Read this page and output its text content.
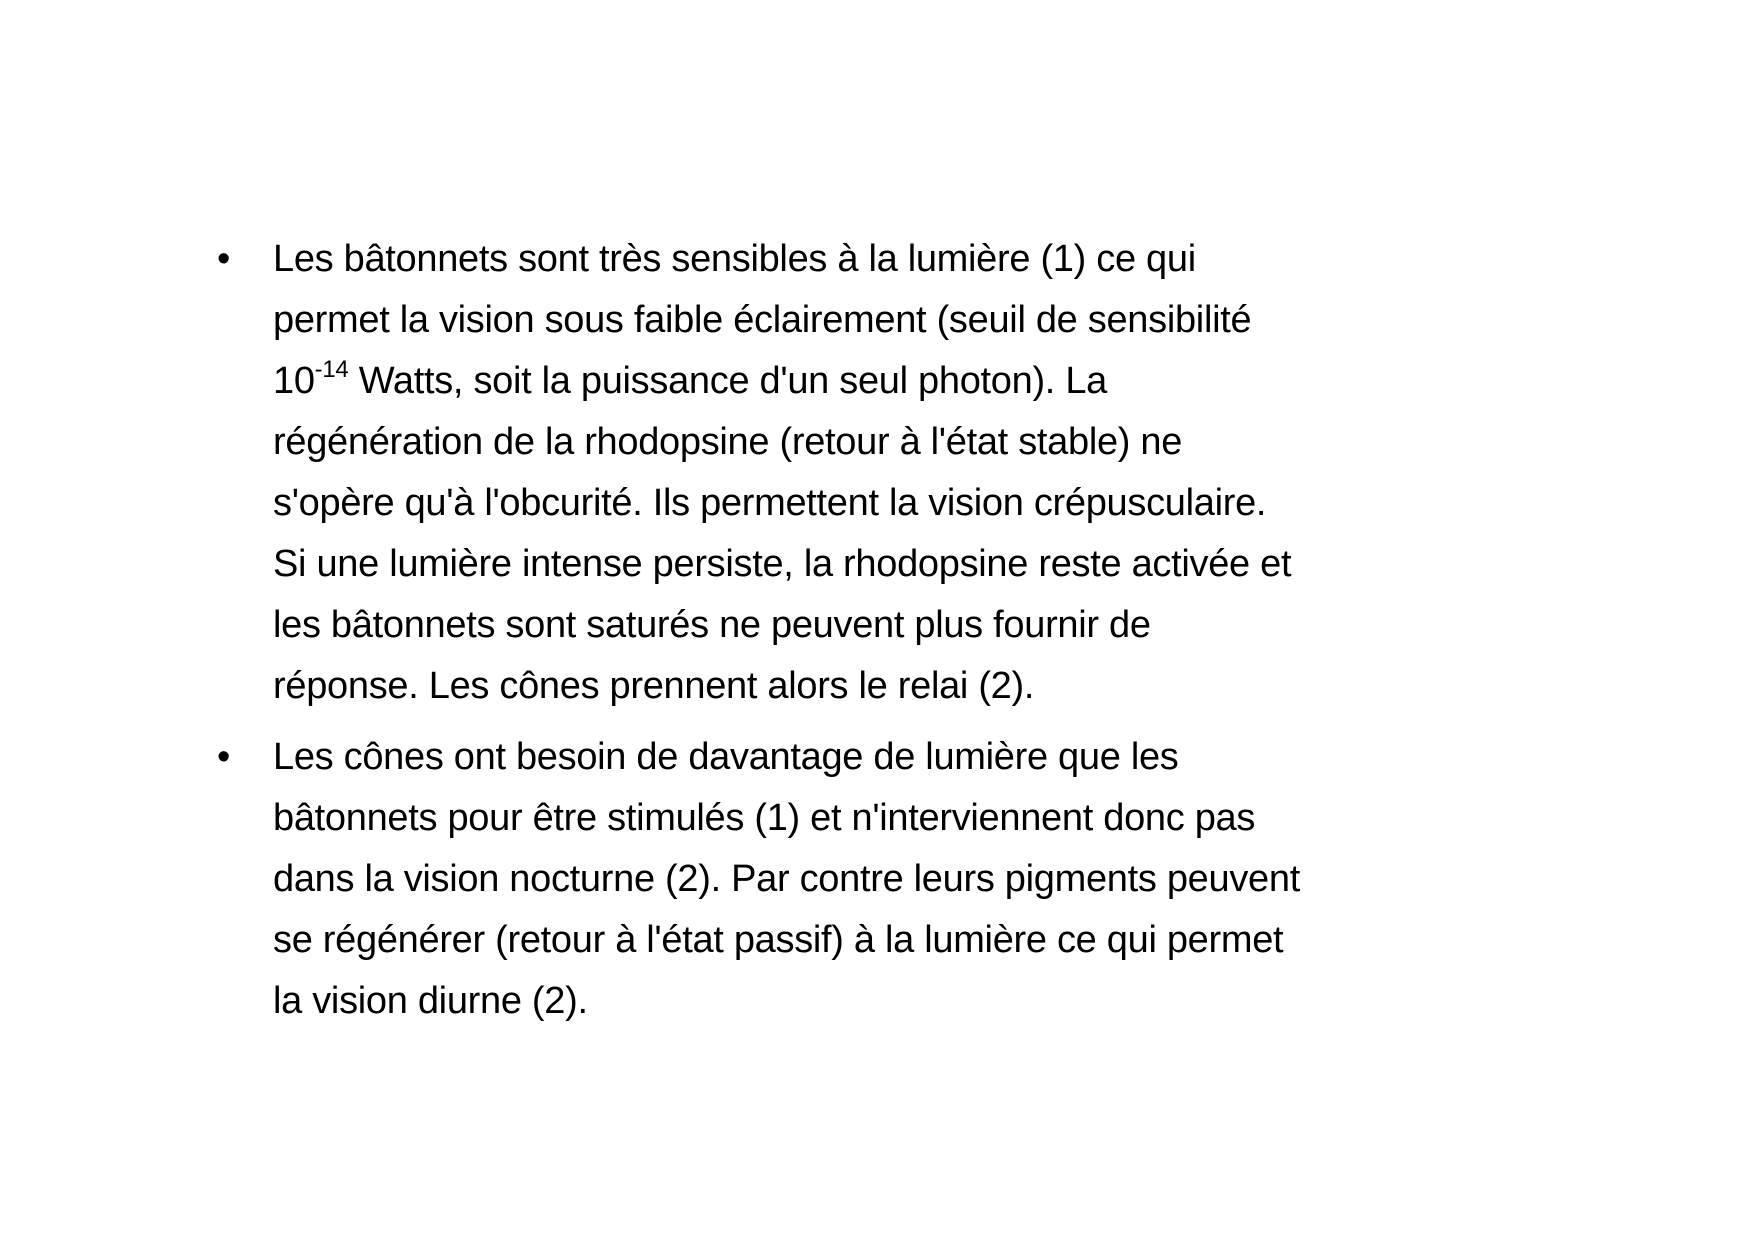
• Les bâtonnets sont très sensibles à la lumière (1) ce qui
permet la vision sous faible éclairement (seuil de sensibilité
$10^{-14}$ Watts, soit la puissance d'un seul photon). La
régénération de la rhodopsine (retour à l'état stable) ne
s'opère qu'à l'obcurité. Ils permettent la vision crépusculaire.
Si une lumière intense persiste, la rhodopsine reste activée et
les bâtonnets sont saturés ne peuvent plus fournir de
réponse. Les cônes prennent alors le relai (2).
• Les cônes ont besoin de davantage de lumière que les
bâtonnets pour être stimulés (1) et n'interviennent donc pas
dans la vision nocturne (2). Par contre leurs pigments peuvent
se régénérer (retour à l'état passif) à la lumière ce qui permet
la vision diurne (2).
